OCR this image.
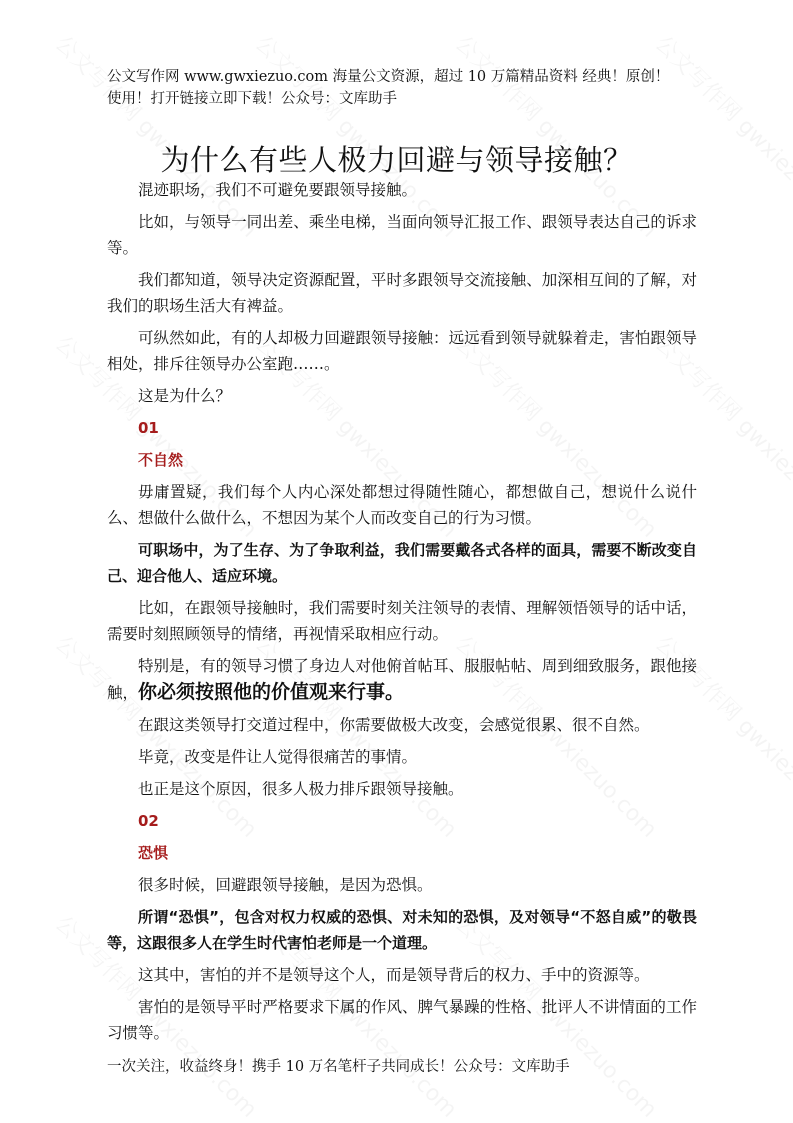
公文写作网 www.gwxiezuo.com 海量公文资源，超过 10 万篇精品资料 经典！原创！
使用！打开链接立即下载！公众号：文库助手
为什么有些人极力回避与领导接触？

混迹职场，我们不可避免要跟领导接触。

比如，与领导一同出差、乘坐电梯，当面向领导汇报工作、跟领导表达自己的诉求等。

我们都知道，领导决定资源配置，平时多跟领导交流接触、加深相互间的了解，对我们的职场生活大有裨益。

可纵然如此，有的人却极力回避跟领导接触：远远看到领导就躲着走，害怕跟领导相处，排斥往领导办公室跑……。

这是为什么？

01
不自然

毋庸置疑，我们每个人内心深处都想过得随性随心，都想做自己，想说什么说什么、想做什么做什么，不想因为某个人而改变自己的行为习惯。

可职场中，为了生存、为了争取利益，我们需要戴各式各样的面具，需要不断改变自己、迎合他人、适应环境。

比如，在跟领导接触时，我们需要时刻关注领导的表情、理解领悟领导的话中话，需要时刻照顾领导的情绪，再视情采取相应行动。

特别是，有的领导习惯了身边人对他俯首帖耳、服服帖帖、周到细致服务，跟他接触，你必须按照他的价值观来行事。

在跟这类领导打交道过程中，你需要做极大改变，会感觉很累、很不自然。

毕竟，改变是件让人觉得很痛苦的事情。

也正是这个原因，很多人极力排斥跟领导接触。

02
恐惧

很多时候，回避跟领导接触，是因为恐惧。

所谓“恐惧”，包含对权力权威的恐惧、对未知的恐惧，及对领导“不怒自威”的敬畏等，这跟很多人在学生时代害怕老师是一个道理。

这其中，害怕的并不是领导这个人，而是领导背后的权力、手中的资源等。

害怕的是领导平时严格要求下属的作风、脾气暴躁的性格、批评人不讲情面的工作习惯等。

一次关注，收益终身！携手 10 万名笔杆子共同成长！公众号：文库助手
